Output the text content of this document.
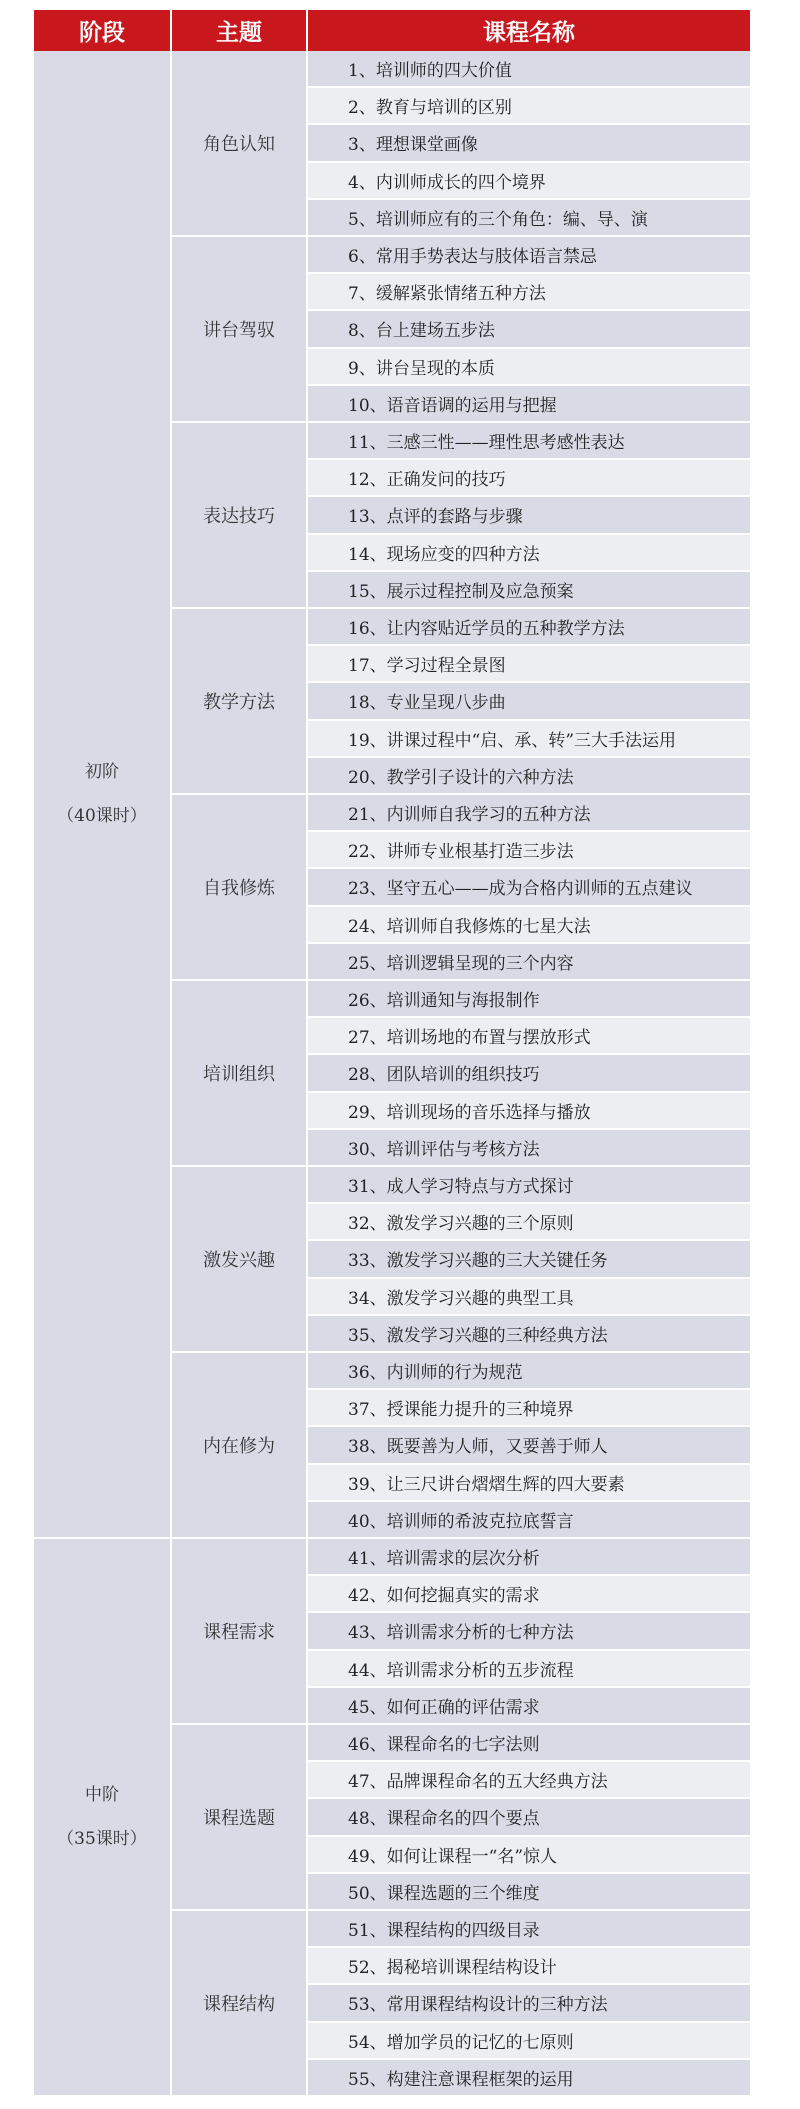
阶段	主题	课程名称
1、培训师的四大价值
2、教育与培训的区别
3、理想课堂画像
4、内训师成长的四个境界
5、培训师应有的三个角色：编、导、演
角色认知
6、常用手势表达与肢体语言禁忌
7、缓解紧张情绪五种方法
8、台上建场五步法
9、讲台呈现的本质
10、语音语调的运用与把握
讲台驾驭
11、三感三性——理性思考感性表达
12、正确发问的技巧
13、点评的套路与步骤
14、现场应变的四种方法
15、展示过程控制及应急预案
表达技巧
16、让内容贴近学员的五种教学方法
17、学习过程全景图
18、专业呈现八步曲
19、讲课过程中“启、承、转”三大手法运用
20、教学引子设计的六种方法
教学方法
21、内训师自我学习的五种方法
22、讲师专业根基打造三步法
23、坚守五心——成为合格内训师的五点建议
24、培训师自我修炼的七星大法
25、培训逻辑呈现的三个内容
自我修炼
26、培训通知与海报制作
27、培训场地的布置与摆放形式
28、团队培训的组织技巧
29、培训现场的音乐选择与播放
30、培训评估与考核方法
培训组织
31、成人学习特点与方式探讨
32、激发学习兴趣的三个原则
33、激发学习兴趣的三大关键任务
34、激发学习兴趣的典型工具
35、激发学习兴趣的三种经典方法
激发兴趣
36、内训师的行为规范
37、授课能力提升的三种境界
38、既要善为人师，又要善于师人
39、让三尺讲台熠熠生辉的四大要素
40、培训师的希波克拉底誓言
内在修为
初阶
（40课时）
41、培训需求的层次分析
42、如何挖掘真实的需求
43、培训需求分析的七种方法
44、培训需求分析的五步流程
45、如何正确的评估需求
课程需求
46、课程命名的七字法则
47、品牌课程命名的五大经典方法
48、课程命名的四个要点
49、如何让课程一“名”惊人
50、课程选题的三个维度
课程选题
51、课程结构的四级目录
52、揭秘培训课程结构设计
53、常用课程结构设计的三种方法
54、增加学员的记忆的七原则
55、构建注意课程框架的运用
课程结构
中阶
（35课时）
